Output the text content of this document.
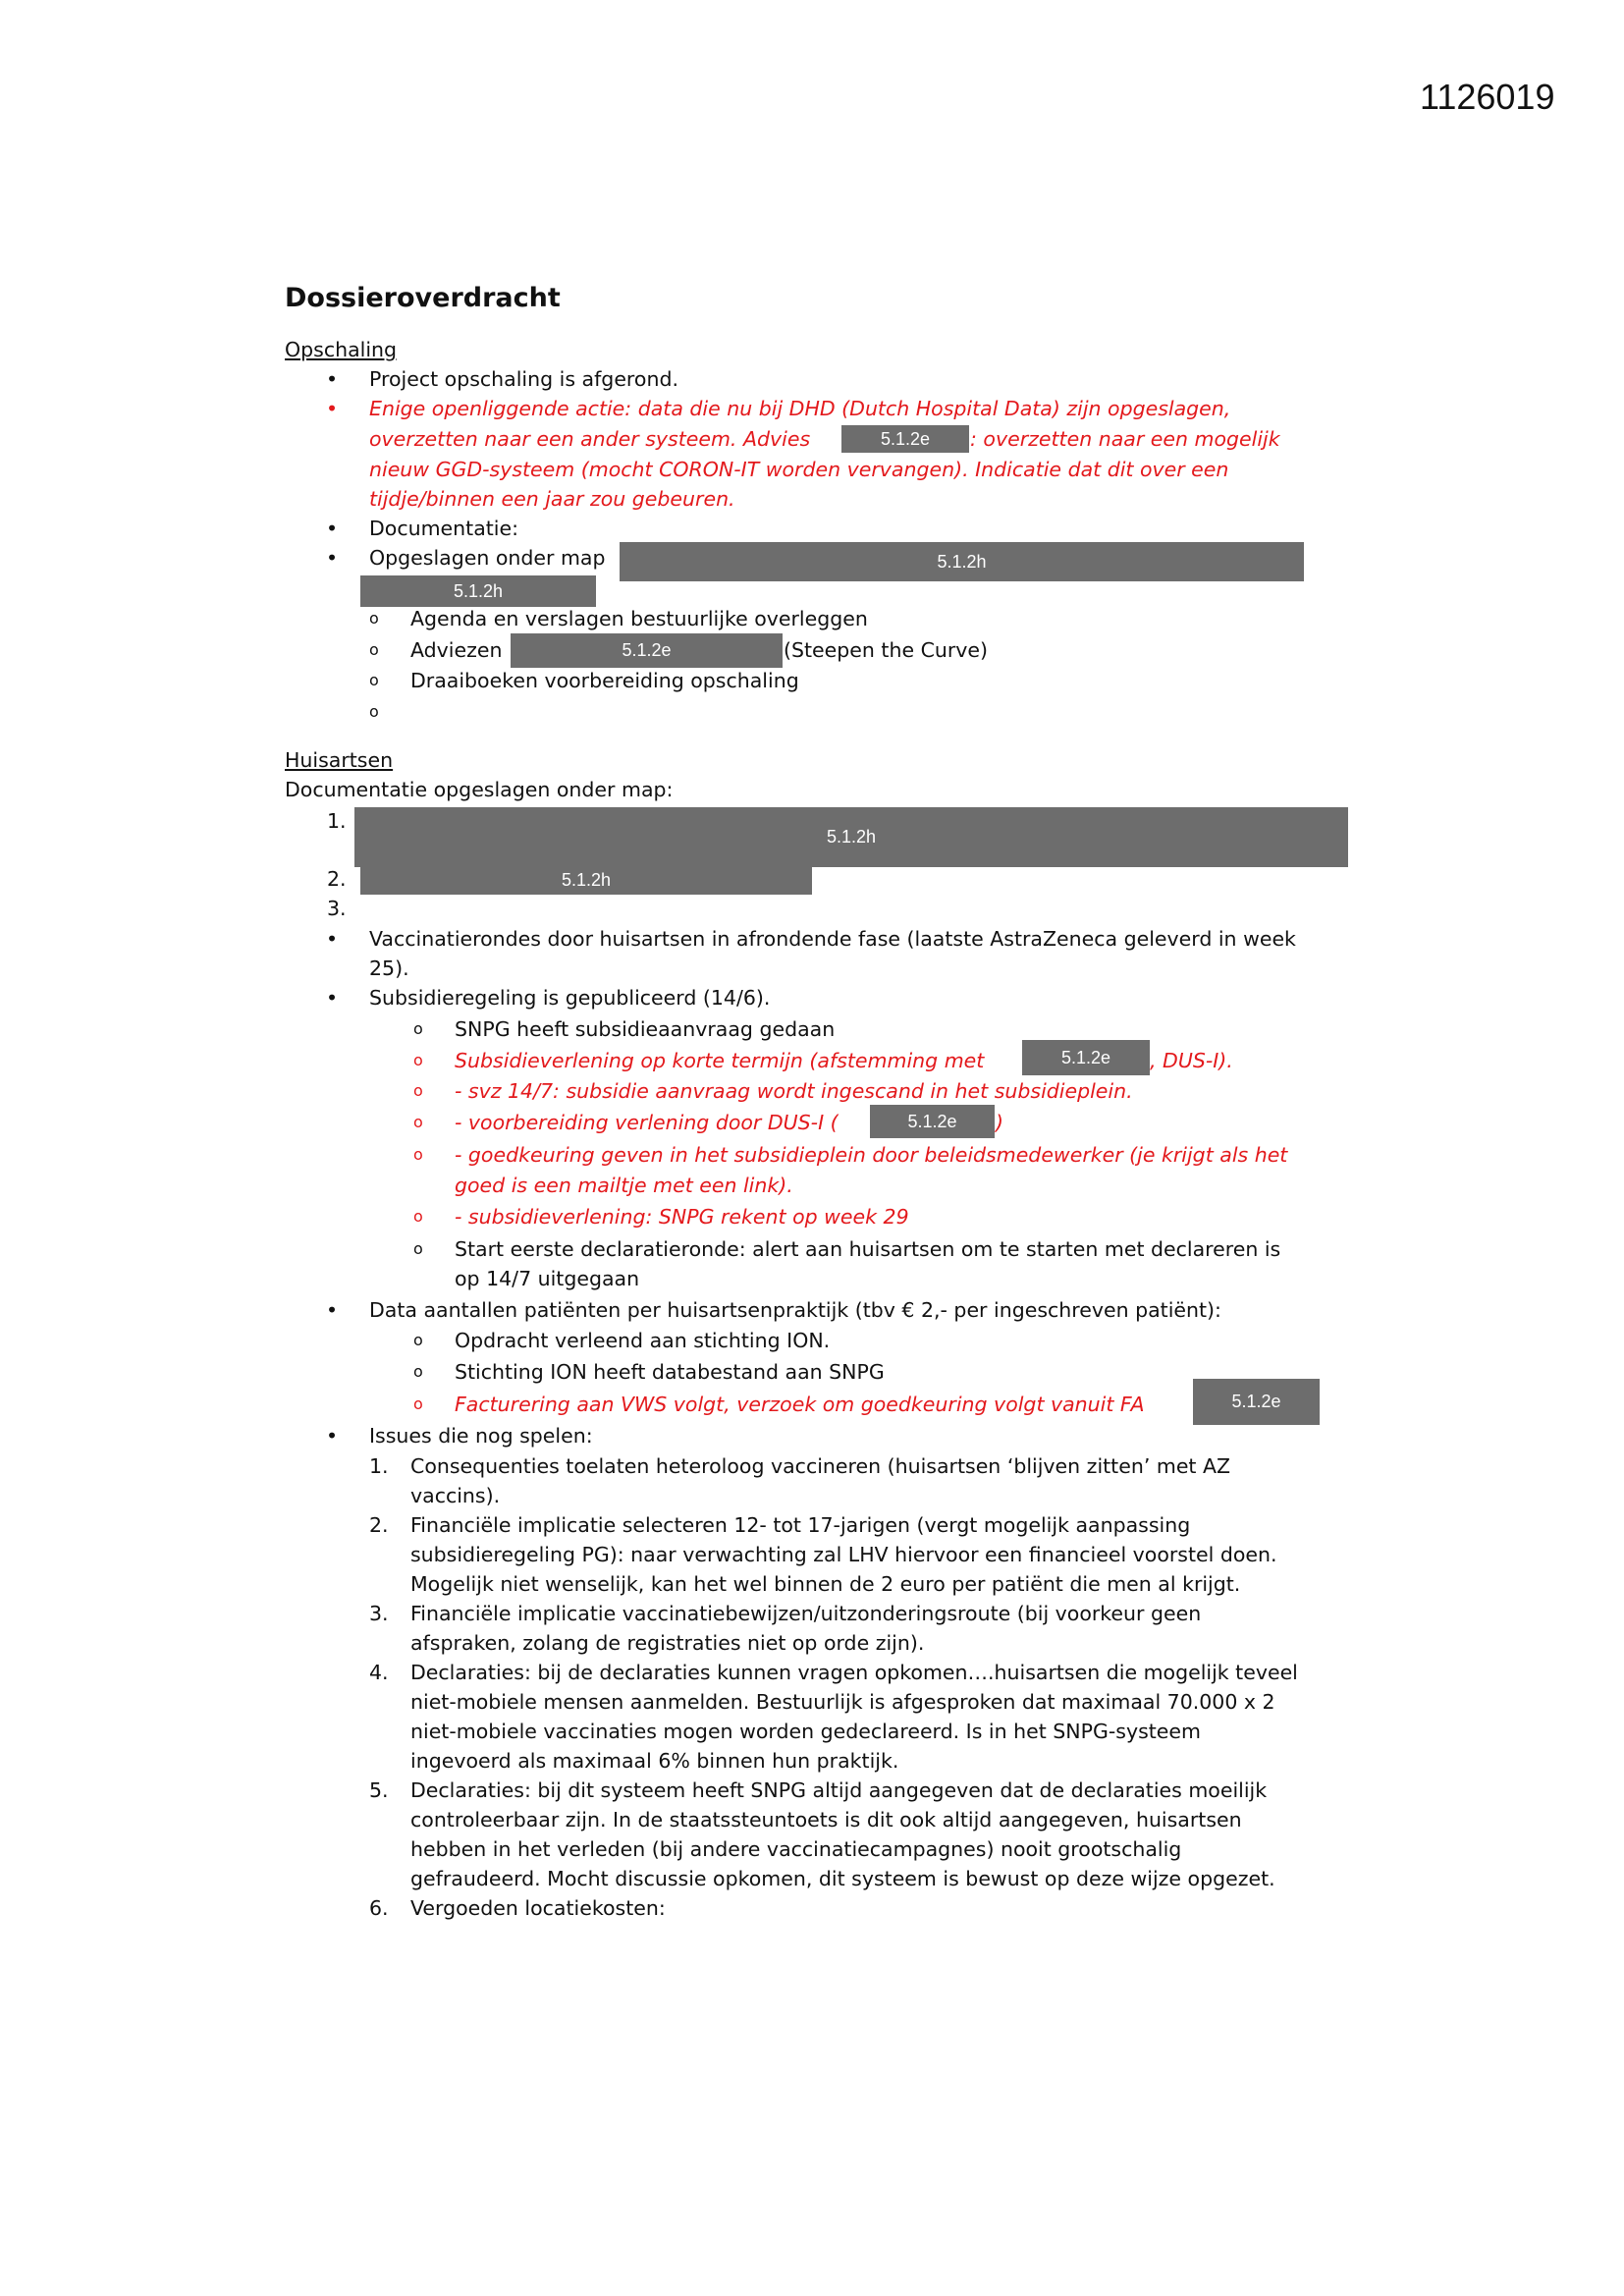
1126019
Dossieroverdracht
Opschaling
• Project opschaling is afgerond.
• Enige openliggende actie: data die nu bij DHD (Dutch Hospital Data) zijn opgeslagen,
overzetten naar een ander systeem. Advies	5.1.2e	: overzetten naar een mogelijk
nieuw GGD-systeem (mocht CORON-IT worden vervangen). Indicatie dat dit over een
tijdje/binnen een jaar zou gebeuren.
• Documentatie:
• Opgeslagen onder map	5.1.2h
5.1.2h
o Agenda en verslagen bestuurlijke overleggen
o Adviezen	5.1.2e	(Steepen the Curve)
o Draaiboeken voorbereiding opschaling
o
Huisartsen
Documentatie opgeslagen onder map:
1.
5.1.2h
2.	5.1.2h
3.
• Vaccinatierondes door huisartsen in afrondende fase (laatste AstraZeneca geleverd in week
25).
• Subsidieregeling is gepubliceerd (14/6).
o SNPG heeft subsidieaanvraag gedaan
o Subsidieverlening op korte termijn (afstemming met	5.1.2e	, DUS-I).
o - svz 14/7: subsidie aanvraag wordt ingescand in het subsidieplein.
o - voorbereiding verlening door DUS-I (	5.1.2e	)
o - goedkeuring geven in het subsidieplein door beleidsmedewerker (je krijgt als het
goed is een mailtje met een link).
o - subsidieverlening: SNPG rekent op week 29
o Start eerste declaratieronde: alert aan huisartsen om te starten met declareren is
op 14/7 uitgegaan
• Data aantallen patiënten per huisartsenpraktijk (tbv € 2,- per ingeschreven patiënt):
o Opdracht verleend aan stichting ION.
o Stichting ION heeft databestand aan SNPG
o Facturering aan VWS volgt, verzoek om goedkeuring volgt vanuit FA	5.1.2e
• Issues die nog spelen:
1. Consequenties toelaten heteroloog vaccineren (huisartsen ‘blijven zitten’ met AZ
vaccins).
2. Financiële implicatie selecteren 12- tot 17-jarigen (vergt mogelijk aanpassing
subsidieregeling PG): naar verwachting zal LHV hiervoor een financieel voorstel doen.
Mogelijk niet wenselijk, kan het wel binnen de 2 euro per patiënt die men al krijgt.
3. Financiële implicatie vaccinatiebewijzen/uitzonderingsroute (bij voorkeur geen
afspraken, zolang de registraties niet op orde zijn).
4. Declaraties: bij de declaraties kunnen vragen opkomen….huisartsen die mogelijk teveel
niet-mobiele mensen aanmelden. Bestuurlijk is afgesproken dat maximaal 70.000 x 2
niet-mobiele vaccinaties mogen worden gedeclareerd. Is in het SNPG-systeem
ingevoerd als maximaal 6% binnen hun praktijk.
5. Declaraties: bij dit systeem heeft SNPG altijd aangegeven dat de declaraties moeilijk
controleerbaar zijn. In de staatssteuntoets is dit ook altijd aangegeven, huisartsen
hebben in het verleden (bij andere vaccinatiecampagnes) nooit grootschalig
gefraudeerd. Mocht discussie opkomen, dit systeem is bewust op deze wijze opgezet.
6. Vergoeden locatiekosten:
